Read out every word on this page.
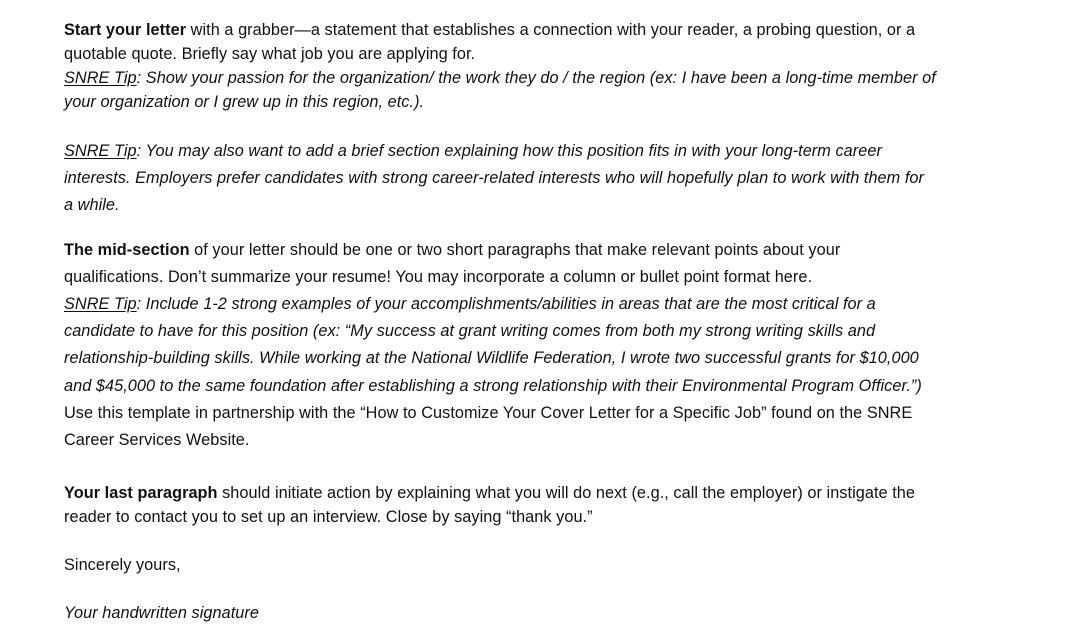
Start your letter with a grabber—a statement that establishes a connection with your reader, a probing question, or a
quotable quote. Briefly say what job you are applying for.
SNRE Tip: Show your passion for the organization/ the work they do / the region (ex: I have been a long-time member of
your organization or I grew up in this region, etc.).
SNRE Tip: You may also want to add a brief section explaining how this position fits in with your long-term career
interests. Employers prefer candidates with strong career-related interests who will hopefully plan to work with them for
a while.
The mid-section of your letter should be one or two short paragraphs that make relevant points about your
qualifications. Don’t summarize your resume! You may incorporate a column or bullet point format here.
SNRE Tip: Include 1-2 strong examples of your accomplishments/abilities in areas that are the most critical for a
candidate to have for this position (ex: “My success at grant writing comes from both my strong writing skills and
relationship-building skills. While working at the National Wildlife Federation, I wrote two successful grants for $10,000
and $45,000 to the same foundation after establishing a strong relationship with their Environmental Program Officer.”)
Use this template in partnership with the “How to Customize Your Cover Letter for a Specific Job” found on the SNRE
Career Services Website.
Your last paragraph should initiate action by explaining what you will do next (e.g., call the employer) or instigate the
reader to contact you to set up an interview. Close by saying “thank you.”
Sincerely yours,
Your handwritten signature
